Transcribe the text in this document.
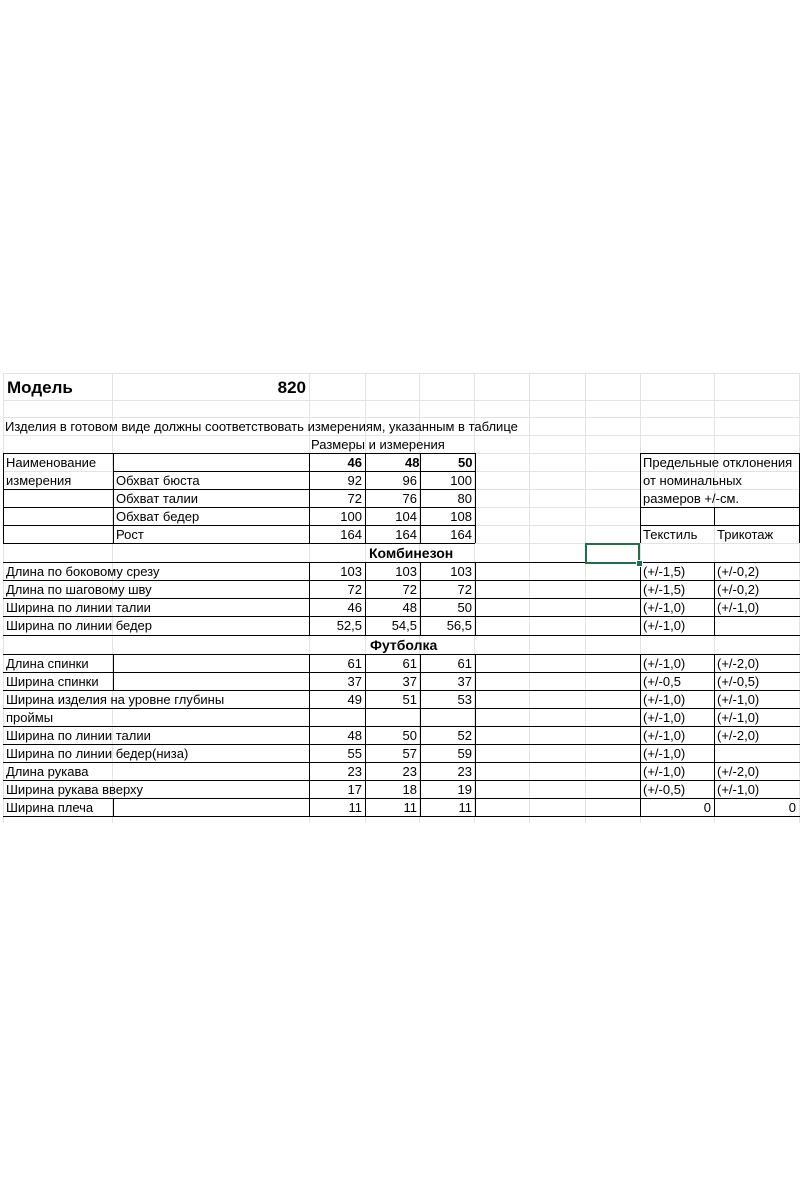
Модель	820
Изделия в готовом виде должны соответствовать измерениям, указанным в таблице
Размеры и измерения
Наименование
измерения
46	48	50
Обхват бюста	92	96	100
Обхват талии	72	76	80
Обхват бедер	100	104	108
Рост	164	164	164
Предельные отклонения
от номинальных
размеров +/-см.
Текстиль Трикотаж
Комбинезон
Длина по боковому срезу	103	103	103	(+/-1,5) (+/-0,2)
Длина по шаговому шву	72	72	72	(+/-1,5) (+/-0,2)
Ширина по линии талии	46	48	50	(+/-1,0) (+/-1,0)
Ширина по линии бедер	52,5	54,5	56,5	(+/-1,0)
Футболка
Длина спинки	61	61	61	(+/-1,0) (+/-2,0)
Ширина спинки	37	37	37	(+/-0,5	(+/-0,5)
Ширина изделия на уровне глубины	49	51	53	(+/-1,0) (+/-1,0)
проймы	(+/-1,0) (+/-1,0)
Ширина по линии талии	48	50	52	(+/-1,0) (+/-2,0)
Ширина по линии бедер(низа)	55	57	59	(+/-1,0)
Длина рукава	23	23	23	(+/-1,0) (+/-2,0)
Ширина рукава вверху	17	18	19	(+/-0,5) (+/-1,0)
Ширина плеча	11	11	11	0	0
